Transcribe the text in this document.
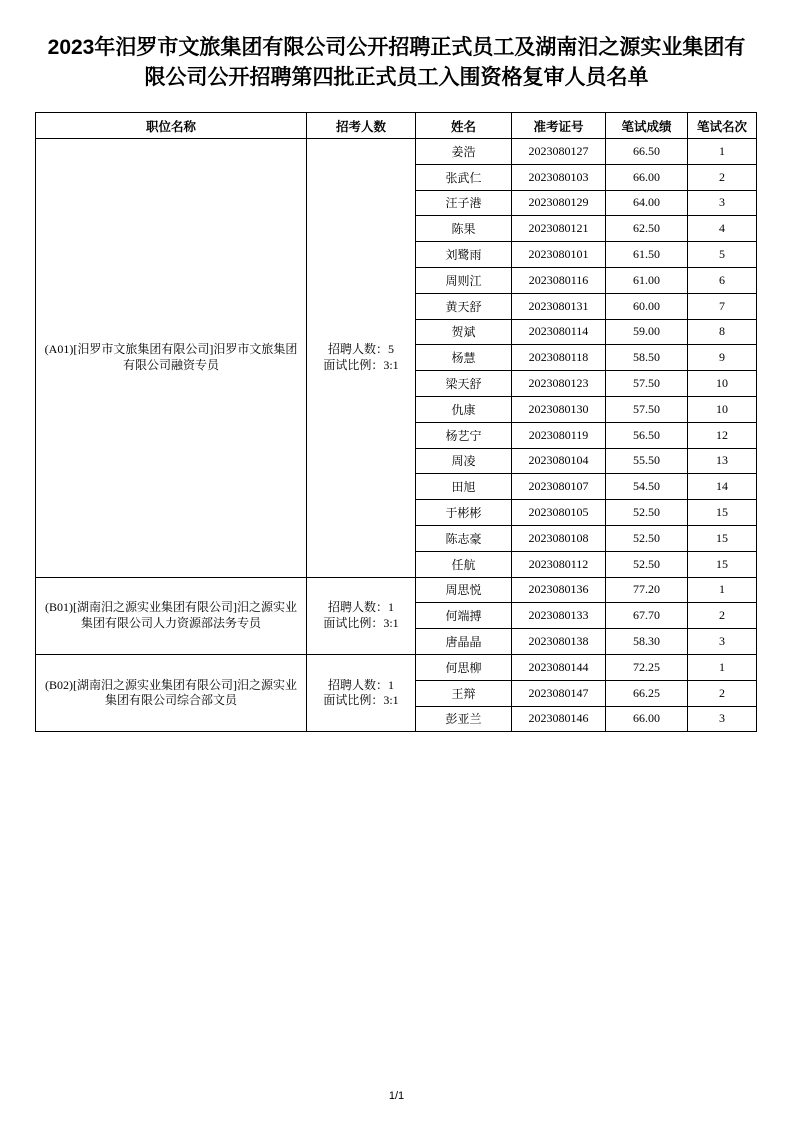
2023年汨罗市文旅集团有限公司公开招聘正式员工及湖南汨之源实业集团有
限公司公开招聘第四批正式员工入围资格复审人员名单
职位名称	招考人数	姓名	准考证号	笔试成绩	笔试名次
(A01)[汨罗市文旅集团有限公司]汨罗市文旅集团
有限公司融资专员
招聘人数：5
面试比例：3:1
姜浩	2023080127	66.50	1
张武仁	2023080103	66.00	2
汪子港	2023080129	64.00	3
陈果	2023080121	62.50	4
刘鹭雨	2023080101	61.50	5
周则江	2023080116	61.00	6
黄天舒	2023080131	60.00	7
贺斌	2023080114	59.00	8
杨慧	2023080118	58.50	9
梁天舒	2023080123	57.50	10
仇康	2023080130	57.50	10
杨艺宁	2023080119	56.50	12
周凌	2023080104	55.50	13
田旭	2023080107	54.50	14
于彬彬	2023080105	52.50	15
陈志豪	2023080108	52.50	15
任航	2023080112	52.50	15
(B01)[湖南汨之源实业集团有限公司]汨之源实业
集团有限公司人力资源部法务专员
招聘人数：1
面试比例：3:1
周思悦	2023080136	77.20	1
何端搏	2023080133	67.70	2
唐晶晶	2023080138	58.30	3
(B02)[湖南汨之源实业集团有限公司]汨之源实业
集团有限公司综合部文员
招聘人数：1
面试比例：3:1
何思柳	2023080144	72.25	1
王辩	2023080147	66.25	2
彭亚兰	2023080146	66.00	3
1/1
